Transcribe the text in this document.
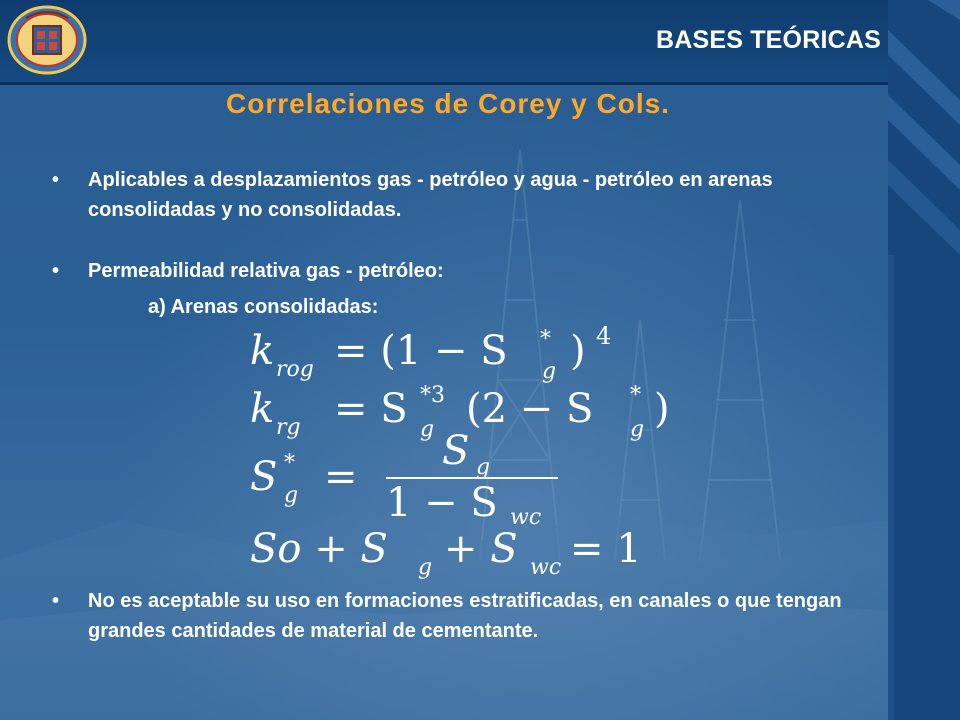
BASES TEÓRICAS
Correlaciones de Corey y Cols.
• Aplicables a desplazamientos gas - petróleo y agua - petróleo en arenas consolidadas y no consolidadas.
• Permeabilidad relativa gas - petróleo:
a) Arenas consolidadas:
k rog = (1 − S *
g ) 4
k rg = S *3
g (2 − S *
g )
S *
g =
S g
1 − S wc
So + S g + S wc = 1
• No es aceptable su uso en formaciones estratificadas, en canales o que tengan grandes cantidades de material de cementante.
